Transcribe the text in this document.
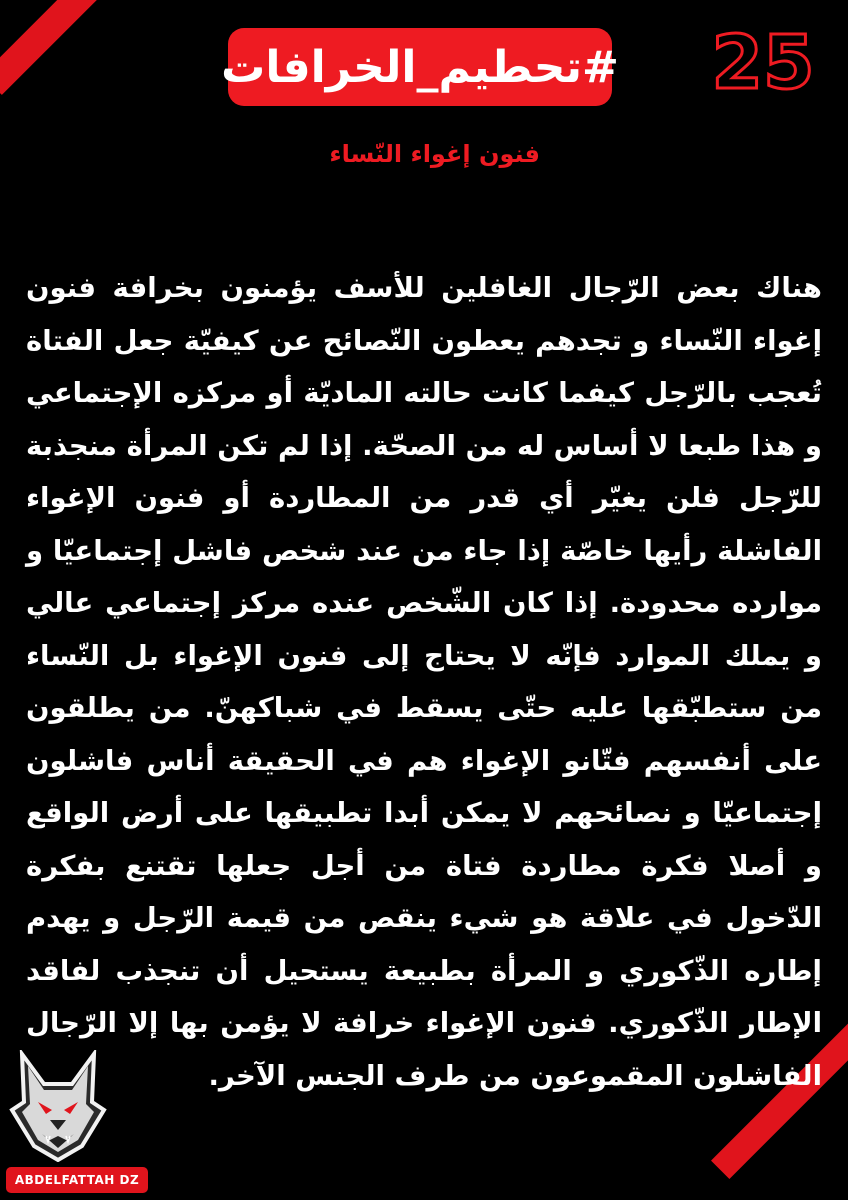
25
#تحطيم_الخرافات
فنون إغواء النّساء
هناك بعض الرّجال الغافلين للأسف يؤمنون بخرافة فنون إغواء النّساء و تجدهم يعطون النّصائح عن كيفيّة جعل الفتاة تُعجب بالرّجل كيفما كانت حالته الماديّة أو مركزه الإجتماعي و هذا طبعا لا أساس له من الصحّة. إذا لم تكن المرأة منجذبة للرّجل فلن يغيّر أي قدر من المطاردة أو فنون الإغواء الفاشلة رأيها خاصّة إذا جاء من عند شخص فاشل إجتماعيّا و موارده محدودة. إذا كان الشّخص عنده مركز إجتماعي عالي و يملك الموارد فإنّه لا يحتاج إلى فنون الإغواء بل النّساء من ستطبّقها عليه حتّى يسقط في شباكهنّ. من يطلقون على أنفسهم فتّانو الإغواء هم في الحقيقة أناس فاشلون إجتماعيّا و نصائحهم لا يمكن أبدا تطبيقها على أرض الواقع و أصلا فكرة مطاردة فتاة من أجل جعلها تقتنع بفكرة الدّخول في علاقة هو شيء ينقص من قيمة الرّجل و يهدم إطاره الذّكوري و المرأة بطبيعة يستحيل أن تنجذب لفاقد الإطار الذّكوري. فنون الإغواء خرافة لا يؤمن بها إلا الرّجال الفاشلون المقموعون من طرف الجنس الآخر.
ABDELFATTAH DZ
